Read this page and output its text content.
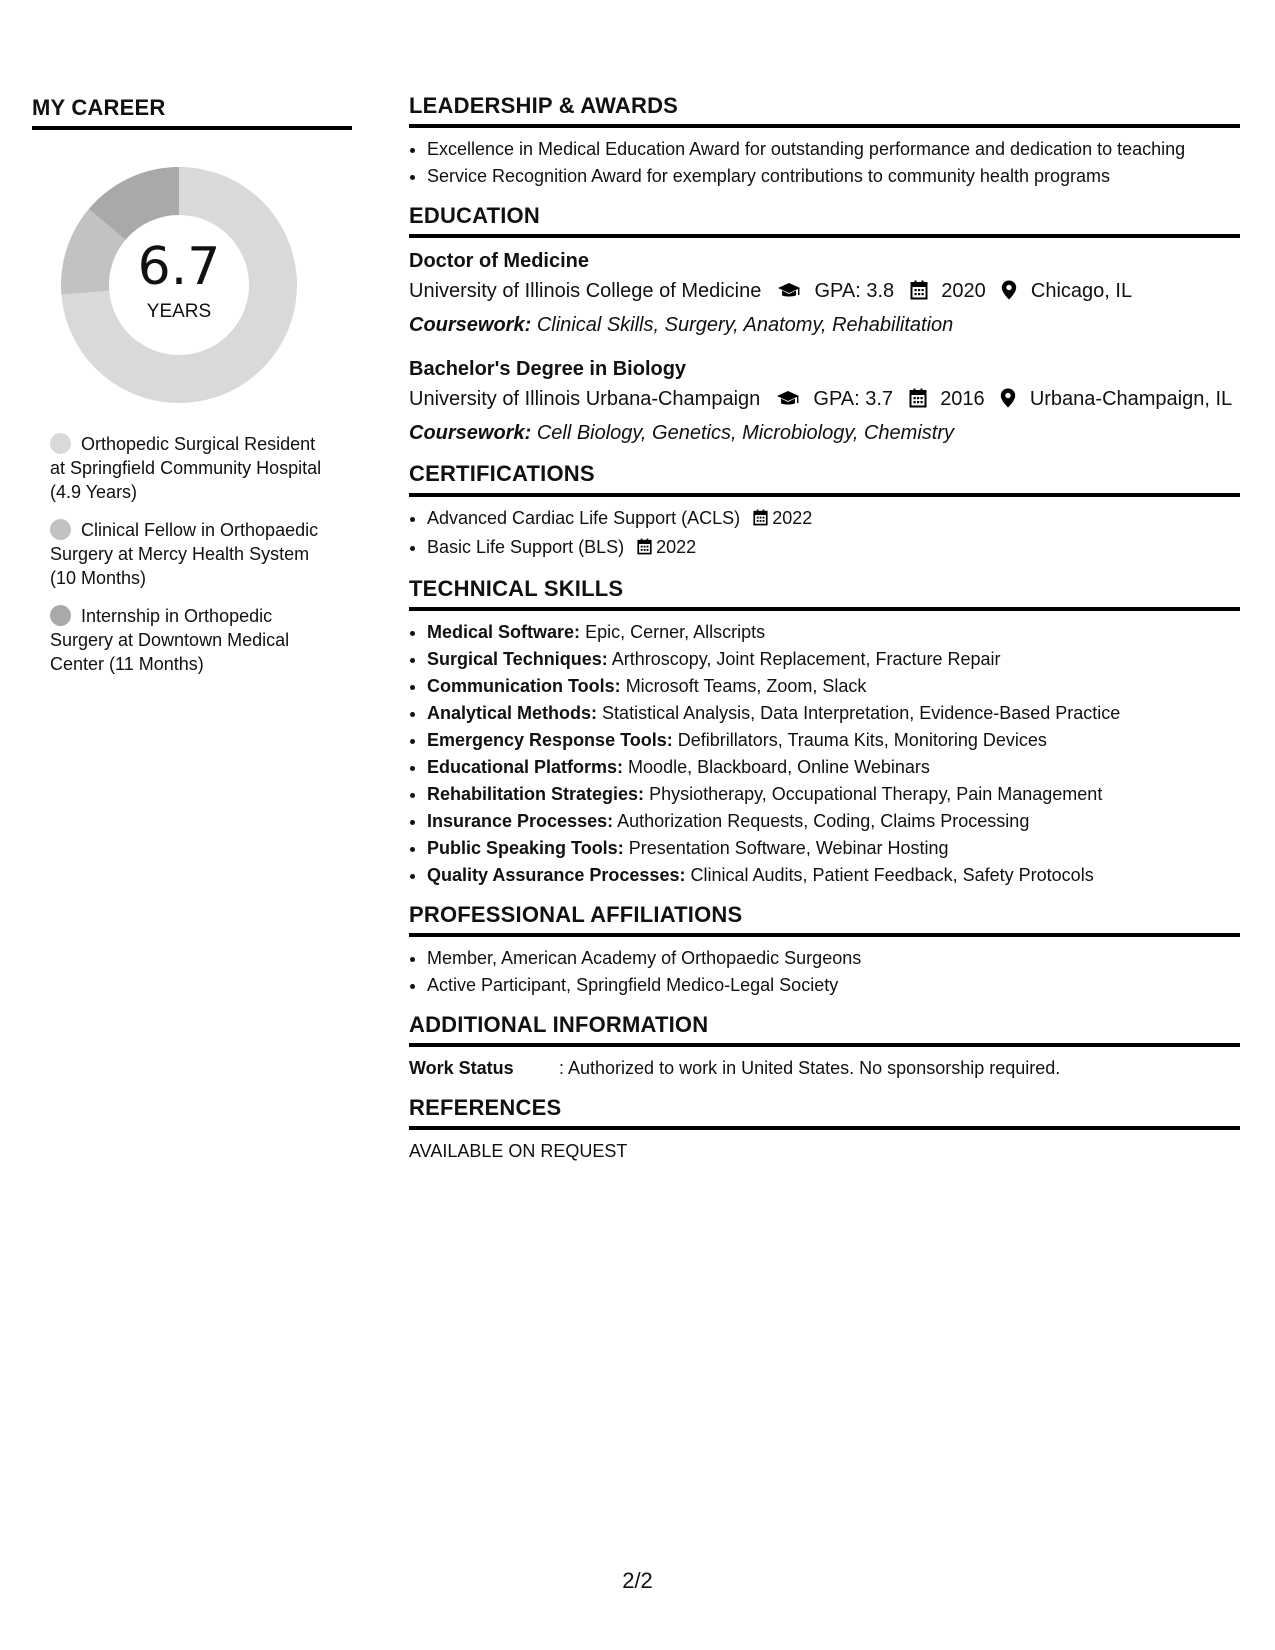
MY CAREER
6.7
YEARS
Orthopedic Surgical Resident at Springfield Community Hospital (4.9 Years)
Clinical Fellow in Orthopaedic Surgery at Mercy Health System (10 Months)
Internship in Orthopedic Surgery at Downtown Medical Center (11 Months)
LEADERSHIP & AWARDS
• Excellence in Medical Education Award for outstanding performance and dedication to teaching
• Service Recognition Award for exemplary contributions to community health programs
EDUCATION
Doctor of Medicine
University of Illinois College of Medicine	GPA: 3.8 2020 Chicago, IL
Coursework: Clinical Skills, Surgery, Anatomy, Rehabilitation
Bachelor's Degree in Biology
University of Illinois Urbana-Champaign	GPA: 3.7 2016 Urbana-Champaign, IL
Coursework: Cell Biology, Genetics, Microbiology, Chemistry
CERTIFICATIONS
• Advanced Cardiac Life Support (ACLS) 2022
• Basic Life Support (BLS) 2022
TECHNICAL SKILLS
• Medical Software: Epic, Cerner, Allscripts
• Surgical Techniques: Arthroscopy, Joint Replacement, Fracture Repair
• Communication Tools: Microsoft Teams, Zoom, Slack
• Analytical Methods: Statistical Analysis, Data Interpretation, Evidence-Based Practice
• Emergency Response Tools: Defibrillators, Trauma Kits, Monitoring Devices
• Educational Platforms: Moodle, Blackboard, Online Webinars
• Rehabilitation Strategies: Physiotherapy, Occupational Therapy, Pain Management
• Insurance Processes: Authorization Requests, Coding, Claims Processing
• Public Speaking Tools: Presentation Software, Webinar Hosting
• Quality Assurance Processes: Clinical Audits, Patient Feedback, Safety Protocols
PROFESSIONAL AFFILIATIONS
• Member, American Academy of Orthopaedic Surgeons
• Active Participant, Springfield Medico-Legal Society
ADDITIONAL INFORMATION
Work Status	: Authorized to work in United States. No sponsorship required.
REFERENCES
AVAILABLE ON REQUEST
2/2
